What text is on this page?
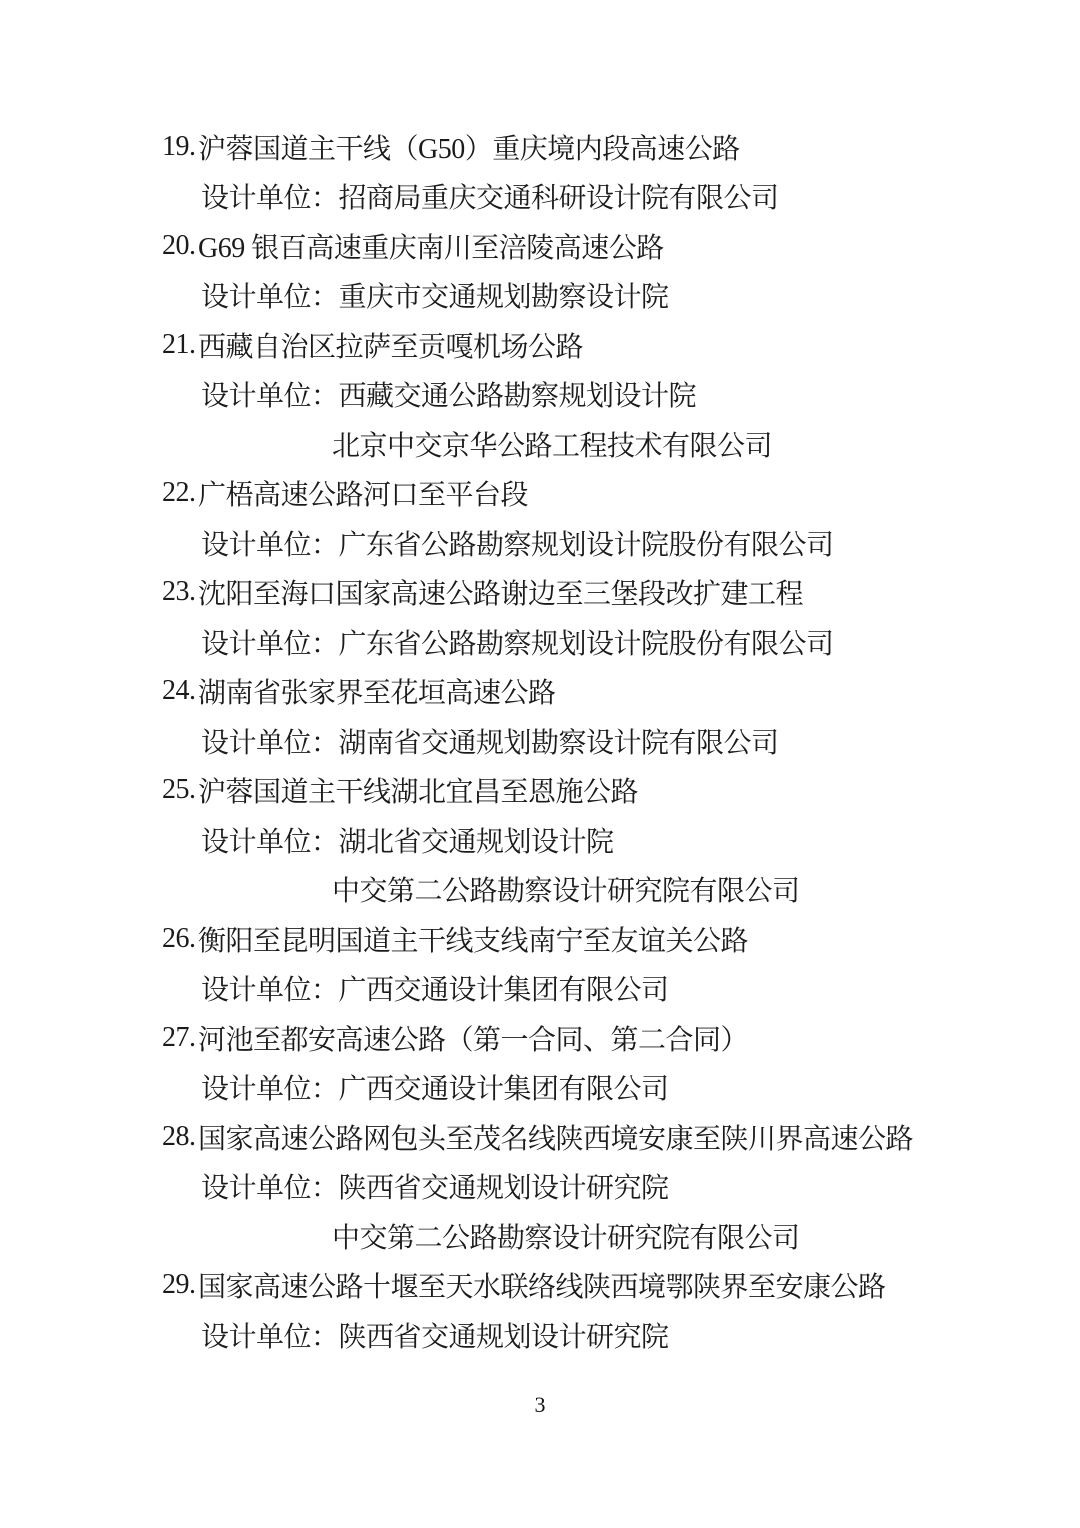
19. 沪蓉国道主干线（G50）重庆境内段高速公路
设计单位： 招商局重庆交通科研设计院有限公司
20. G69 银百高速重庆南川至涪陵高速公路
设计单位： 重庆市交通规划勘察设计院
21. 西藏自治区拉萨至贡嘎机场公路
设计单位： 西藏交通公路勘察规划设计院
北京中交京华公路工程技术有限公司
22. 广梧高速公路河口至平台段
设计单位： 广东省公路勘察规划设计院股份有限公司
23. 沈阳至海口国家高速公路谢边至三堡段改扩建工程
设计单位： 广东省公路勘察规划设计院股份有限公司
24. 湖南省张家界至花垣高速公路
设计单位： 湖南省交通规划勘察设计院有限公司
25. 沪蓉国道主干线湖北宜昌至恩施公路
设计单位： 湖北省交通规划设计院
中交第二公路勘察设计研究院有限公司
26. 衡阳至昆明国道主干线支线南宁至友谊关公路
设计单位： 广西交通设计集团有限公司
27. 河池至都安高速公路（第一合同、第二合同）
设计单位： 广西交通设计集团有限公司
28. 国家高速公路网包头至茂名线陕西境安康至陕川界高速公路
设计单位： 陕西省交通规划设计研究院
中交第二公路勘察设计研究院有限公司
29. 国家高速公路十堰至天水联络线陕西境鄂陕界至安康公路
设计单位： 陕西省交通规划设计研究院
3
